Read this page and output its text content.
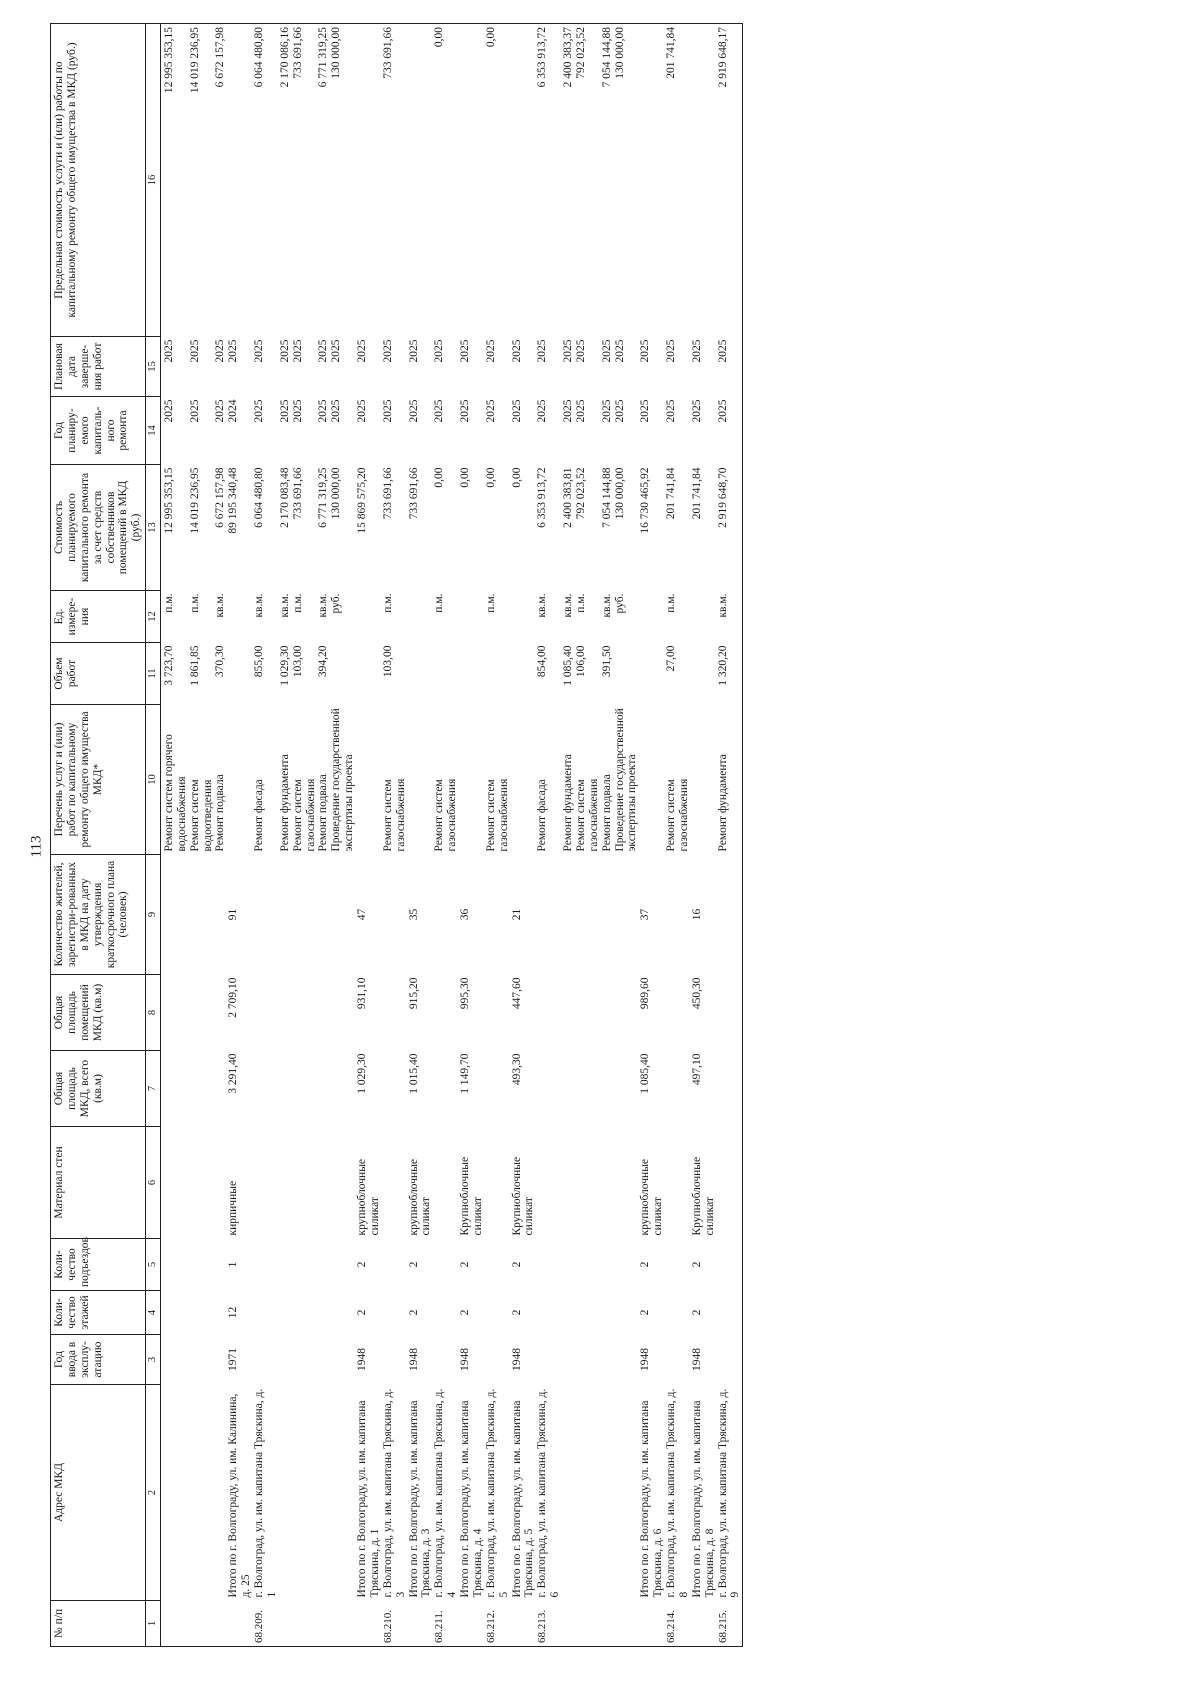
113
№ п/п	Адрес МКД	Год ввода в эксплу-атацию	Коли-чество этажей	Коли-чество подъездов	Материал стен	Общая площадь МКД, всего (кв.м)	Общая площадь помещений МКД (кв.м)	Количество жителей, зарегистри-рованных в МКД на дату утверждения краткосрочного плана (человек)	Перечень услуг и (или) работ по капитальному ремонту общего имущества МКД*	Объем работ	Ед. измере-ния	Стоимость планируемого капитального ремонта за счет средств собственников помещений в МКД (руб.)	Год планиру-емого капиталь-ного ремонта	Плановая дата заверше-ния работ	Предельная стоимость услуги и (или) работы по капитальному ремонту общего имущества в МКД (руб.)
1	2	3	4	5	6	7	8	9	10	11	12	13	14	15	16
									Ремонт систем горячего водоснабжения	3 723,70	п.м.	12 995 353,15	2025	2025	12 995 353,15
									Ремонт систем водоотведения	1 861,85	п.м.	14 019 236,95	2025	2025	14 019 236,95
									Ремонт подвала	370,30	кв.м.	6 672 157,98	2025	2025	6 672 157,98
	Итого по г. Волгограду, ул. им. Калинина, д. 25	1971	12	1	кирпичные	3 291,40	2 709,10	91				89 195 340,48	2024	2025	
68.209.	г. Волгоград, ул. им. капитана Тряскина, д. 1								Ремонт фасада	855,00	кв.м.	6 064 480,80	2025	2025	6 064 480,80
									Ремонт фундамента	1 029,30	кв.м.	2 170 083,48	2025	2025	2 170 086,16
									Ремонт систем газоснабжения	103,00	п.м.	733 691,66	2025	2025	733 691,66
									Ремонт подвала	394,20	кв.м.	6 771 319,25	2025	2025	6 771 319,25
									Проведение государственной экспертизы проекта		руб.	130 000,00	2025	2025	130 000,00
	Итого по г. Волгограду, ул. им. капитана Тряскина, д. 1	1948	2	2	крупноблочные силикат	1 029,30	931,10	47				15 869 575,20	2025	2025	
68.210.	г. Волгоград, ул. им. капитана Тряскина, д. 3								Ремонт систем газоснабжения	103,00	п.м.	733 691,66	2025	2025	733 691,66
	Итого по г. Волгограду, ул. им. капитана Тряскина, д. 3	1948	2	2	крупноблочные силикат	1 015,40	915,20	35				733 691,66	2025	2025	
68.211.	г. Волгоград, ул. им. капитана Тряскина, д. 4								Ремонт систем газоснабжения		п.м.	0,00	2025	2025	0,00
	Итого по г. Волгограду, ул. им. капитана Тряскина, д. 4	1948	2	2	Крупноблочные силикат	1 149,70	995,30	36				0,00	2025	2025	
68.212.	г. Волгоград, ул. им. капитана Тряскина, д. 5								Ремонт систем газоснабжения		п.м.	0,00	2025	2025	0,00
	Итого по г. Волгограду, ул. им. капитана Тряскина, д. 5	1948	2	2	Крупноблочные силикат	493,30	447,60	21				0,00	2025	2025	
68.213.	г. Волгоград, ул. им. капитана Тряскина, д. 6								Ремонт фасада	854,00	кв.м.	6 353 913,72	2025	2025	6 353 913,72
									Ремонт фундамента	1 085,40	кв.м.	2 400 383,81	2025	2025	2 400 383,37
									Ремонт систем газоснабжения	106,00	п.м.	792 023,52	2025	2025	792 023,52
									Ремонт подвала	391,50	кв.м.	7 054 144,88	2025	2025	7 054 144,88
									Проведение государственной экспертизы проекта		руб.	130 000,00	2025	2025	130 000,00
	Итого по г. Волгограду, ул. им. капитана Тряскина, д. 6	1948	2	2	крупноблочные силикат	1 085,40	989,60	37				16 730 465,92	2025	2025	
68.214.	г. Волгоград, ул. им. капитана Тряскина, д. 8								Ремонт систем газоснабжения	27,00	п.м.	201 741,84	2025	2025	201 741,84
	Итого по г. Волгограду, ул. им. капитана Тряскина, д. 8	1948	2	2	Крупноблочные силикат	497,10	450,30	16				201 741,84	2025	2025	
68.215.	г. Волгоград, ул. им. капитана Тряскина, д. 9								Ремонт фундамента	1 320,20	кв.м.	2 919 648,70	2025	2025	2 919 648,17
